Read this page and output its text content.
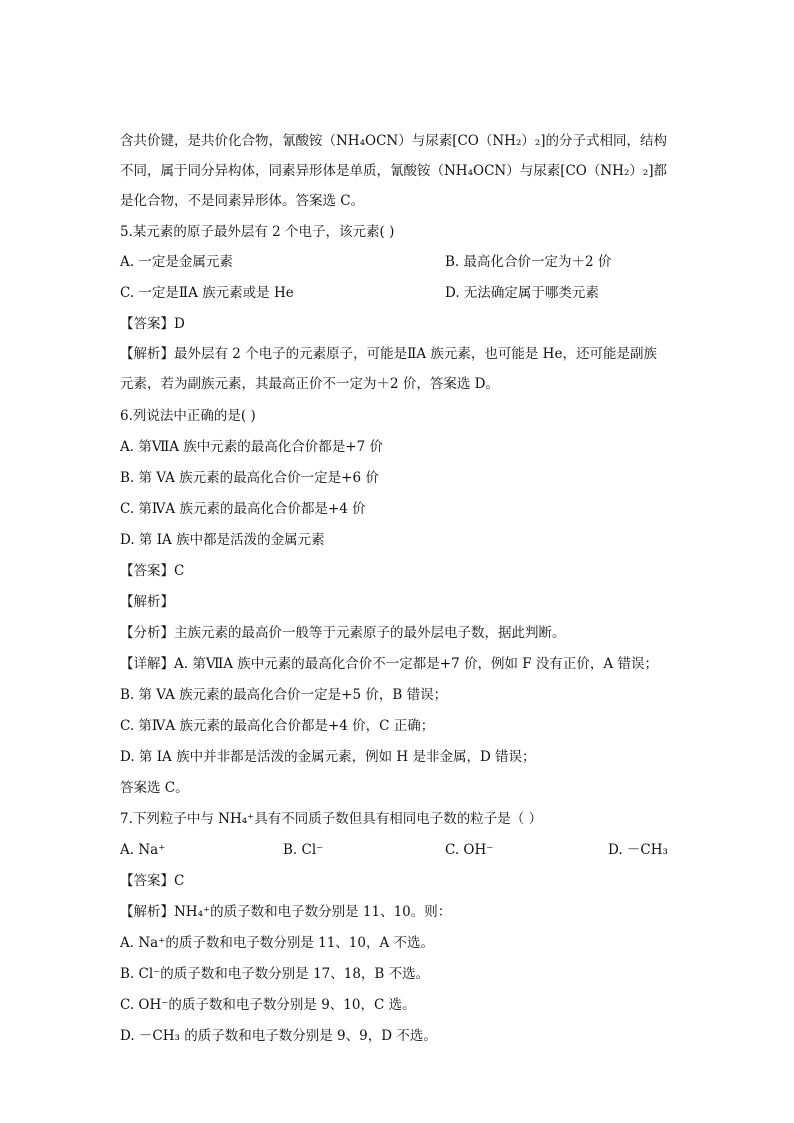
含共价键，是共价化合物，氰酸铵（NH₄OCN）与尿素[CO（NH₂）₂]的分子式相同，结构
不同，属于同分异构体，同素异形体是单质，氰酸铵（NH₄OCN）与尿素[CO（NH₂）₂]都
是化合物，不是同素异形体。答案选 C。
5.某元素的原子最外层有 2 个电子，该元素( )
A. 一定是金属元素	B. 最高化合价一定为＋2 价
C. 一定是ⅡA 族元素或是 He	D. 无法确定属于哪类元素
【答案】D
【解析】最外层有 2 个电子的元素原子，可能是ⅡA 族元素，也可能是 He，还可能是副族
元素，若为副族元素，其最高正价不一定为＋2 价，答案选 D。
6.列说法中正确的是( )
A. 第ⅦA 族中元素的最高化合价都是+7 价
B. 第 VA 族元素的最高化合价一定是+6 价
C. 第ⅣA 族元素的最高化合价都是+4 价
D. 第 IA 族中都是活泼的金属元素
【答案】C
【解析】
【分析】主族元素的最高价一般等于元素原子的最外层电子数，据此判断。
【详解】A. 第ⅦA 族中元素的最高化合价不一定都是+7 价，例如 F 没有正价，A 错误；
B. 第 VA 族元素的最高化合价一定是+5 价，B 错误；
C. 第ⅣA 族元素的最高化合价都是+4 价，C 正确；
D. 第 IA 族中并非都是活泼的金属元素，例如 H 是非金属，D 错误；
答案选 C。
7.下列粒子中与 NH₄⁺具有不同质子数但具有相同电子数的粒子是（ ）
A. Na⁺	B. Cl⁻	C. OH⁻	D. －CH₃
【答案】C
【解析】NH₄⁺的质子数和电子数分别是 11、10。则：
A. Na⁺的质子数和电子数分别是 11、10，A 不选。
B. Cl⁻的质子数和电子数分别是 17、18，B 不选。
C. OH⁻的质子数和电子数分别是 9、10，C 选。
D. －CH₃ 的质子数和电子数分别是 9、9，D 不选。
